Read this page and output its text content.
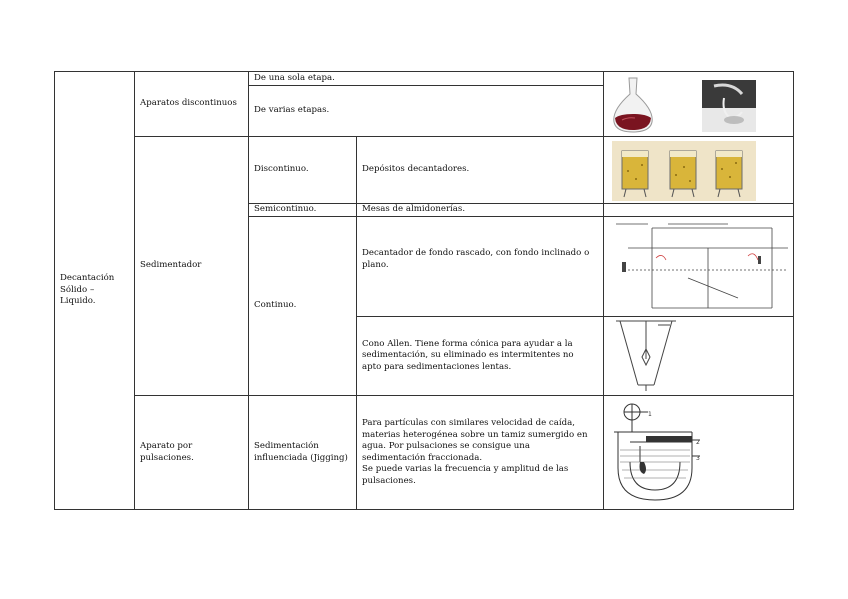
Decantación
Sólido –
Liquido.
Aparatos discontinuos
Sedimentador
Aparato por
pulsaciones.
De una sola etapa.
De varias etapas.
Discontinuo.
Semicontinuo.
Continuo.
Sedimentación
influenciada (Jigging)
Depósitos decantadores.
Mesas de almidonerías.
Decantador de fondo rascado, con fondo inclinado o
plano.
Cono Allen. Tiene forma cónica para ayudar a la
sedimentación, su eliminado es intermitentes no
apto para sedimentaciones lentas.
Para partículas con similares velocidad de caída,
materias heterogénea sobre un tamiz sumergido en
agua. Por pulsaciones se consigue una
sedimentación fraccionada.
Se puede varias la frecuencia y amplitud de las
pulsaciones.
1
2
3
